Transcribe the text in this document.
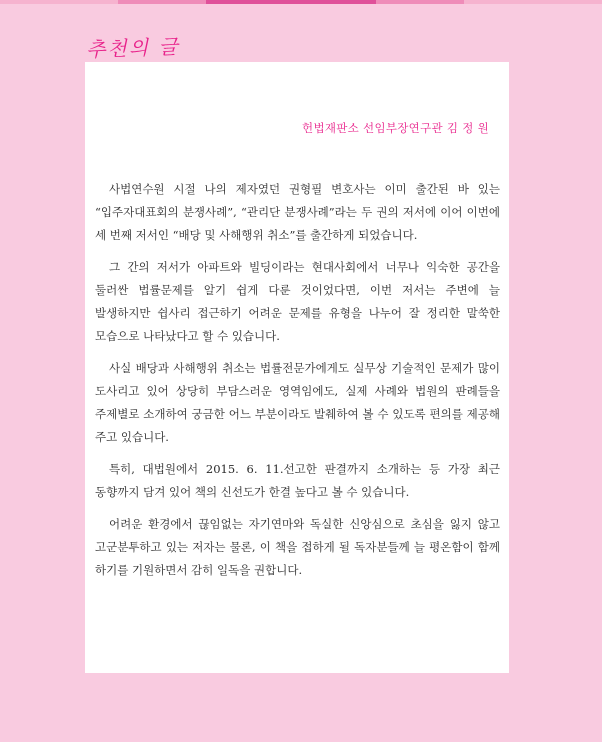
추천의 글
헌법재판소 선임부장연구관 김 정 원

사법연수원 시절 나의 제자였던 권형필 변호사는 이미 출간된 바 있는 “입주자대표회의 분쟁사례”, “관리단 분쟁사례”라는 두 권의 저서에 이어 이번에 세 번째 저서인 “배당 및 사해행위 취소”를 출간하게 되었습니다.

그 간의 저서가 아파트와 빌딩이라는 현대사회에서 너무나 익숙한 공간을 둘러싼 법률문제를 알기 쉽게 다룬 것이었다면, 이번 저서는 주변에 늘 발생하지만 쉽사리 접근하기 어려운 문제를 유형을 나누어 잘 정리한 말쑥한 모습으로 나타났다고 할 수 있습니다.

사실 배당과 사해행위 취소는 법률전문가에게도 실무상 기술적인 문제가 많이 도사리고 있어 상당히 부담스러운 영역임에도, 실제 사례와 법원의 판례들을 주제별로 소개하여 궁금한 어느 부분이라도 발췌하여 볼 수 있도록 편의를 제공해 주고 있습니다.

특히, 대법원에서 2015. 6. 11.선고한 판결까지 소개하는 등 가장 최근 동향까지 담겨 있어 책의 신선도가 한결 높다고 볼 수 있습니다.

어려운 환경에서 끊임없는 자기연마와 독실한 신앙심으로 초심을 잃지 않고 고군분투하고 있는 저자는 물론, 이 책을 접하게 될 독자분들께 늘 평온함이 함께 하기를 기원하면서 감히 일독을 권합니다.
